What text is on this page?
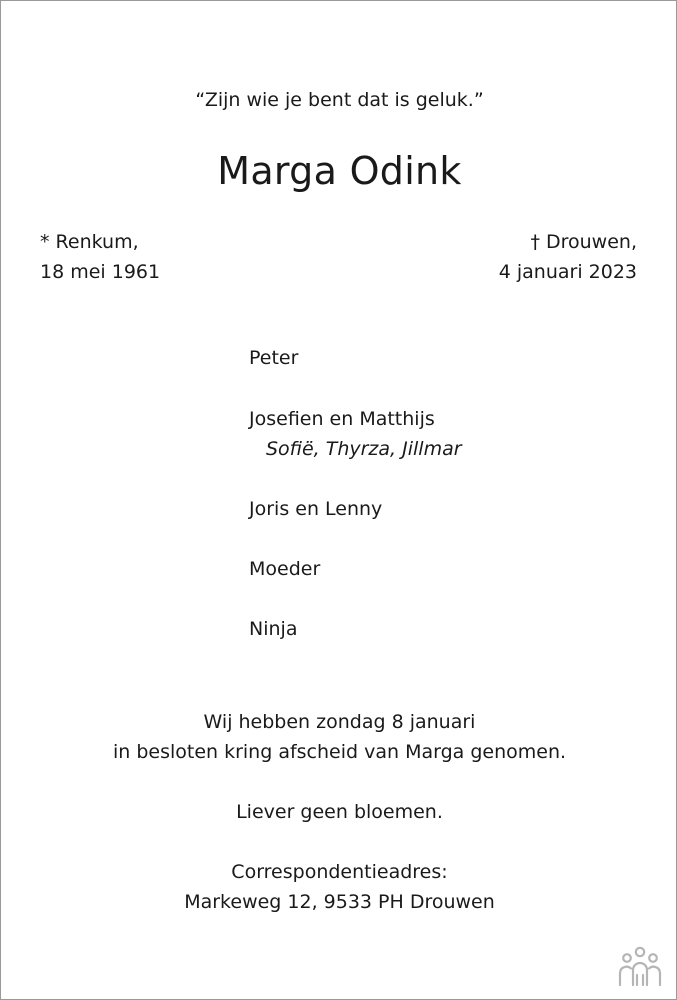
“Zijn wie je bent dat is geluk.”
Marga Odink
* Renkum,
18 mei 1961
† Drouwen,
4 januari 2023
Peter
Josefien en Matthijs
Sofië, Thyrza, Jillmar
Joris en Lenny
Moeder
Ninja
Wij hebben zondag 8 januari
in besloten kring afscheid van Marga genomen.
Liever geen bloemen.
Correspondentieadres:
Markeweg 12, 9533 PH Drouwen
